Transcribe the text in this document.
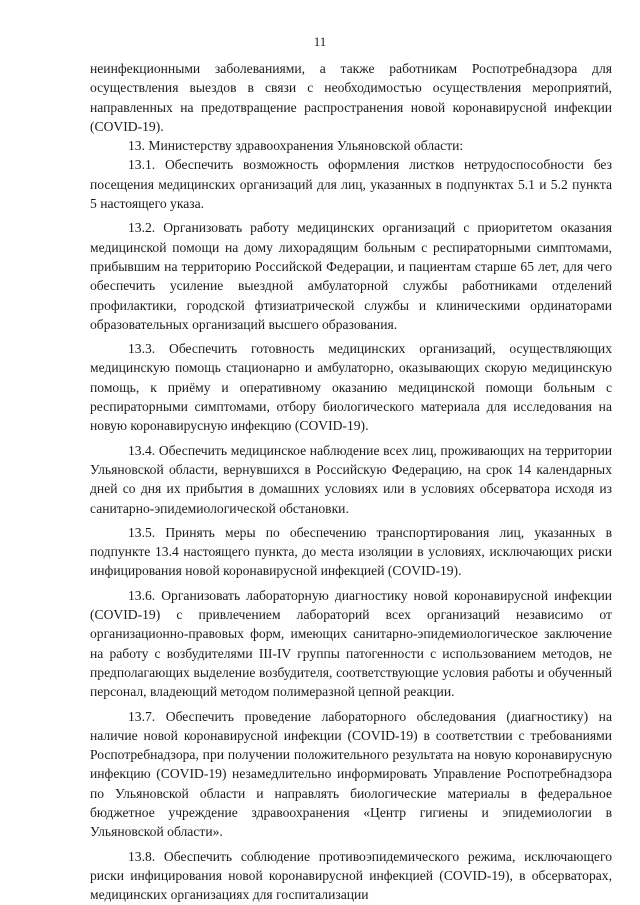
11

неинфекционными заболеваниями, а также работникам Роспотребнадзора для осуществления выездов в связи с необходимостью осуществления мероприятий, направленных на предотвращение распространения новой коронавирусной инфекции (COVID-19).

13. Министерству здравоохранения Ульяновской области:

13.1. Обеспечить возможность оформления листков нетрудоспособности без посещения медицинских организаций для лиц, указанных в подпунктах 5.1 и 5.2 пункта 5 настоящего указа.

13.2. Организовать работу медицинских организаций с приоритетом оказания медицинской помощи на дому лихорадящим больным с респираторными симптомами, прибывшим на территорию Российской Федерации, и пациентам старше 65 лет, для чего обеспечить усиление выездной амбулаторной службы работниками отделений профилактики, городской фтизиатрической службы и клиническими ординаторами образовательных организаций высшего образования.

13.3. Обеспечить готовность медицинских организаций, осуществляющих медицинскую помощь стационарно и амбулаторно, оказывающих скорую медицинскую помощь, к приёму и оперативному оказанию медицинской помощи больным с респираторными симптомами, отбору биологического материала для исследования на новую коронавирусную инфекцию (COVID-19).

13.4. Обеспечить медицинское наблюдение всех лиц, проживающих на территории Ульяновской области, вернувшихся в Российскую Федерацию, на срок 14 календарных дней со дня их прибытия в домашних условиях или в условиях обсерватора исходя из санитарно-эпидемиологической обстановки.

13.5. Принять меры по обеспечению транспортирования лиц, указанных в подпункте 13.4 настоящего пункта, до места изоляции в условиях, исключающих риски инфицирования новой коронавирусной инфекцией (COVID-19).

13.6. Организовать лабораторную диагностику новой коронавирусной инфекции (COVID-19) с привлечением лабораторий всех организаций независимо от организационно-правовых форм, имеющих санитарно-эпидемиологическое заключение на работу с возбудителями III-IV группы патогенности с использованием методов, не предполагающих выделение возбудителя, соответствующие условия работы и обученный персонал, владеющий методом полимеразной цепной реакции.

13.7. Обеспечить проведение лабораторного обследования (диагностику) на наличие новой коронавирусной инфекции (COVID-19) в соответствии с требованиями Роспотребнадзора, при получении положительного результата на новую коронавирусную инфекцию (COVID-19) незамедлительно информировать Управление Роспотребнадзора по Ульяновской области и направлять биологические материалы в федеральное бюджетное учреждение здравоохранения «Центр гигиены и эпидемиологии в Ульяновской области».

13.8. Обеспечить соблюдение противоэпидемического режима, исключающего риски инфицирования новой коронавирусной инфекцией (COVID-19), в обсерваторах, медицинских организациях для госпитализации
